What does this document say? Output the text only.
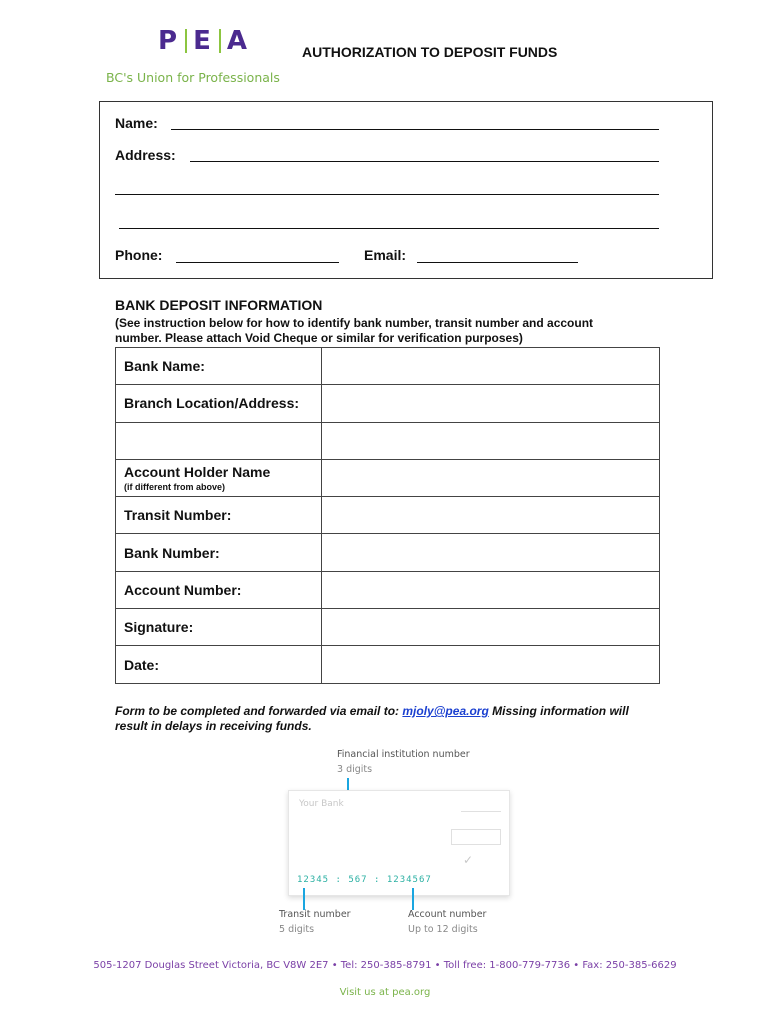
P E A
BC's Union for Professionals
AUTHORIZATION TO DEPOSIT FUNDS
Name:
Address:
Phone:	Email:
BANK DEPOSIT INFORMATION
(See instruction below for how to identify bank number, transit number and account number. Please attach Void Cheque or similar for verification purposes)
Bank Name:	
Branch Location/Address:	

Account Holder Name
(if different from above)	

Transit Number:	
Bank Number:	
Account Number:	
Signature:	
Date:	
Form to be completed and forwarded via email to: mjoly@pea.org Missing information will result in delays in receiving funds.
Financial institution number
3 digits
Your Bank
✓
12345 : 567 : 1234567
Transit number
5 digits
Account number
Up to 12 digits
505-1207 Douglas Street Victoria, BC V8W 2E7 • Tel: 250-385-8791 • Toll free: 1-800-779-7736 • Fax: 250-385-6629
Visit us at pea.org
